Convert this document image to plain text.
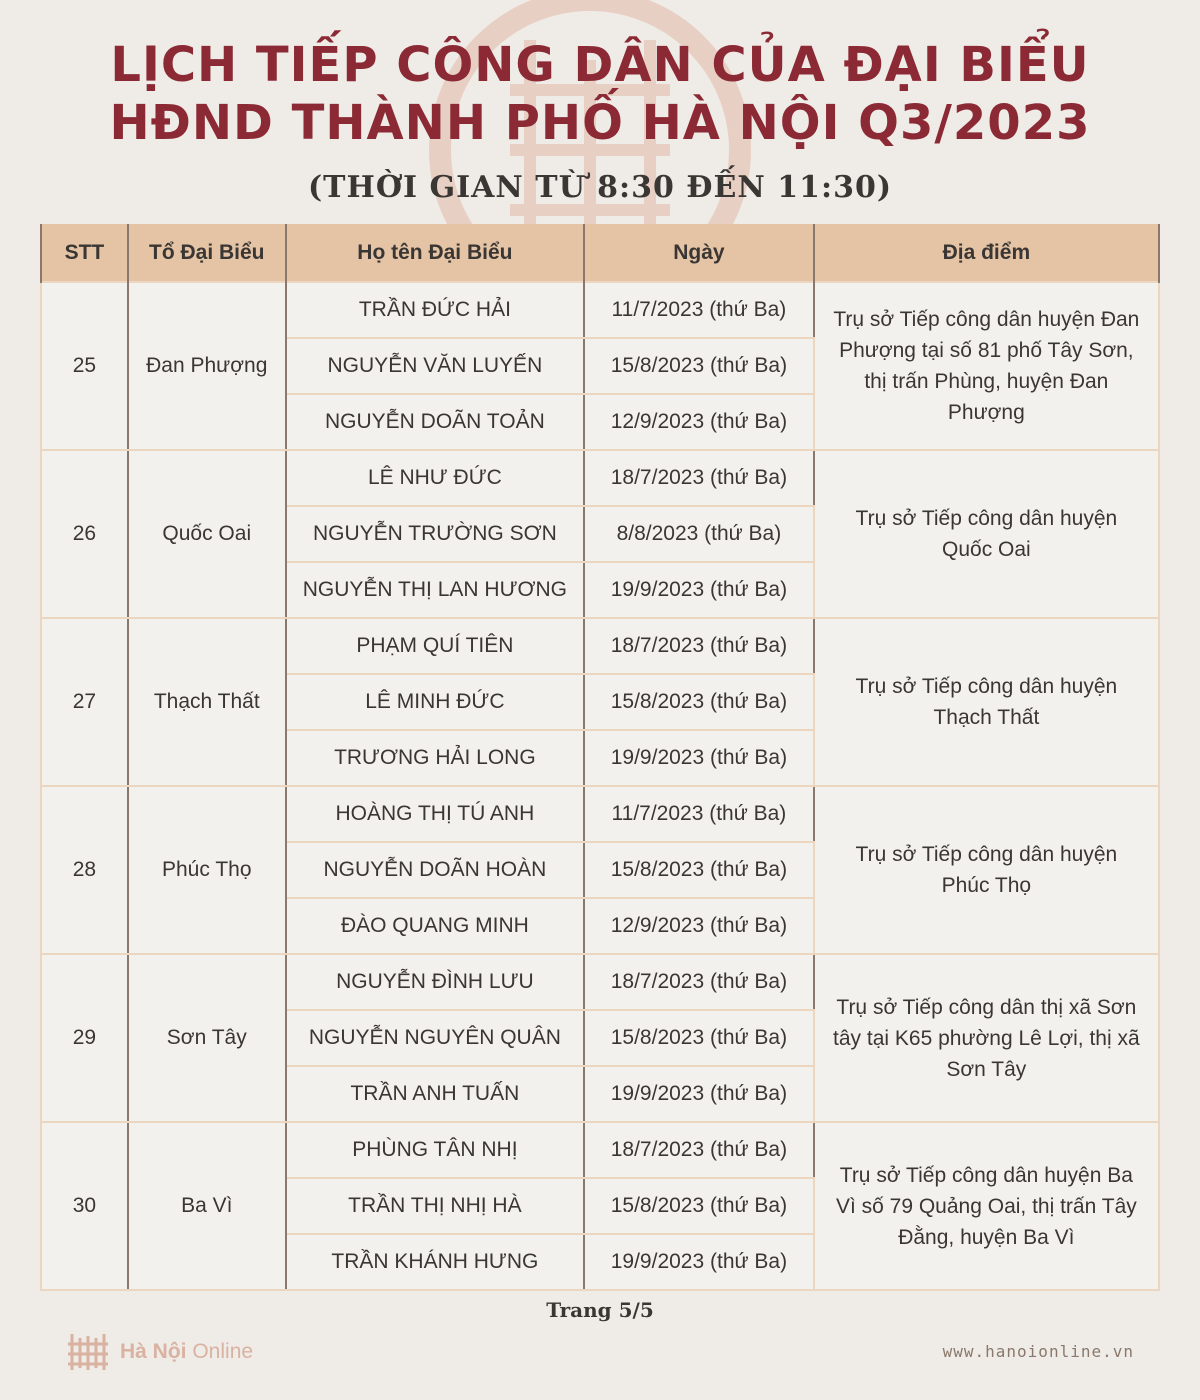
LỊCH TIẾP CÔNG DÂN CỦA ĐẠI BIỂU
HĐND THÀNH PHỐ HÀ NỘI Q3/2023
(THỜI GIAN TỪ 8:30 ĐẾN 11:30)
STT	Tổ Đại Biểu	Họ tên Đại Biểu	Ngày	Địa điểm
25	Đan Phượng	TRẦN ĐỨC HẢI	11/7/2023 (thứ Ba)	Trụ sở Tiếp công dân huyện Đan Phượng tại số 81 phố Tây Sơn, thị trấn Phùng, huyện Đan Phượng
		NGUYỄN VĂN LUYẾN	15/8/2023 (thứ Ba)	
		NGUYỄN DOÃN TOẢN	12/9/2023 (thứ Ba)	
26	Quốc Oai	LÊ NHƯ ĐỨC	18/7/2023 (thứ Ba)	Trụ sở Tiếp công dân huyện Quốc Oai
		NGUYỄN TRƯỜNG SƠN	8/8/2023 (thứ Ba)	
		NGUYỄN THỊ LAN HƯƠNG	19/9/2023 (thứ Ba)	
27	Thạch Thất	PHẠM QUÍ TIÊN	18/7/2023 (thứ Ba)	Trụ sở Tiếp công dân huyện Thạch Thất
		LÊ MINH ĐỨC	15/8/2023 (thứ Ba)	
		TRƯƠNG HẢI LONG	19/9/2023 (thứ Ba)	
28	Phúc Thọ	HOÀNG THỊ TÚ ANH	11/7/2023 (thứ Ba)	Trụ sở Tiếp công dân huyện Phúc Thọ
		NGUYỄN DOÃN HOÀN	15/8/2023 (thứ Ba)	
		ĐÀO QUANG MINH	12/9/2023 (thứ Ba)	
29	Sơn Tây	NGUYỄN ĐÌNH LƯU	18/7/2023 (thứ Ba)	Trụ sở Tiếp công dân thị xã Sơn tây tại K65 phường Lê Lợi, thị xã Sơn Tây
		NGUYỄN NGUYÊN QUÂN	15/8/2023 (thứ Ba)	
		TRẦN ANH TUẤN	19/9/2023 (thứ Ba)	
30	Ba Vì	PHÙNG TÂN NHỊ	18/7/2023 (thứ Ba)	Trụ sở Tiếp công dân huyện Ba Vì số 79 Quảng Oai, thị trấn Tây Đằng, huyện Ba Vì
		TRẦN THỊ NHỊ HÀ	15/8/2023 (thứ Ba)	
		TRẦN KHÁNH HƯNG	19/9/2023 (thứ Ba)	
Trang 5/5
Hà Nội Online	www.hanoionline.vn
